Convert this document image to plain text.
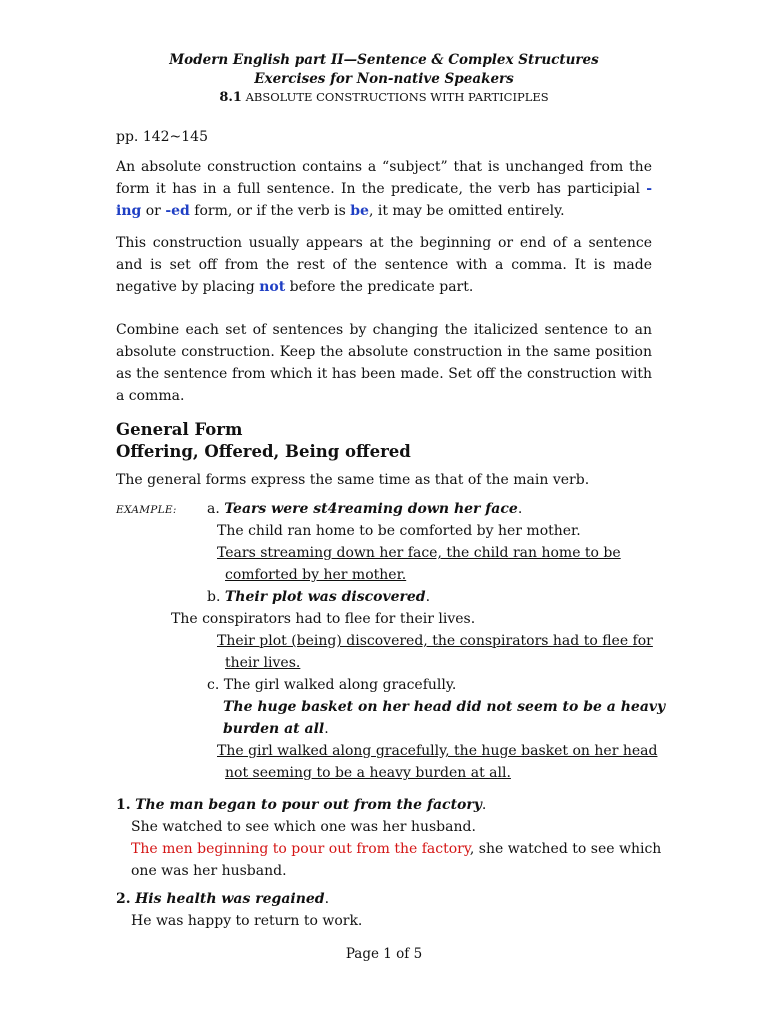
Modern English part II—Sentence & Complex Structures
Exercises for Non-native Speakers
8.1 ABSOLUTE CONSTRUCTIONS WITH PARTICIPLES
pp. 142~145
An absolute construction contains a “subject” that is unchanged from the form it has in a full sentence. In the predicate, the verb has participial -ing or -ed form, or if the verb is be, it may be omitted entirely.
This construction usually appears at the beginning or end of a sentence and is set off from the rest of the sentence with a comma. It is made negative by placing not before the predicate part.
Combine each set of sentences by changing the italicized sentence to an absolute construction. Keep the absolute construction in the same position as the sentence from which it has been made. Set off the construction with a comma.
General Form
Offering, Offered, Being offered
The general forms express the same time as that of the main verb.
EXAMPLE: a. Tears were st4reaming down her face.
The child ran home to be comforted by her mother.
Tears streaming down her face, the child ran home to be
comforted by her mother.
b. Their plot was discovered.
The conspirators had to flee for their lives.
Their plot (being) discovered, the conspirators had to flee for
their lives.
c. The girl walked along gracefully.
The huge basket on her head did not seem to be a heavy
burden at all.
The girl walked along gracefully, the huge basket on her head
not seeming to be a heavy burden at all.
1. The man began to pour out from the factory.
She watched to see which one was her husband.
The men beginning to pour out from the factory, she watched to see which
one was her husband.
2. His health was regained.
He was happy to return to work.
Page 1 of 5
